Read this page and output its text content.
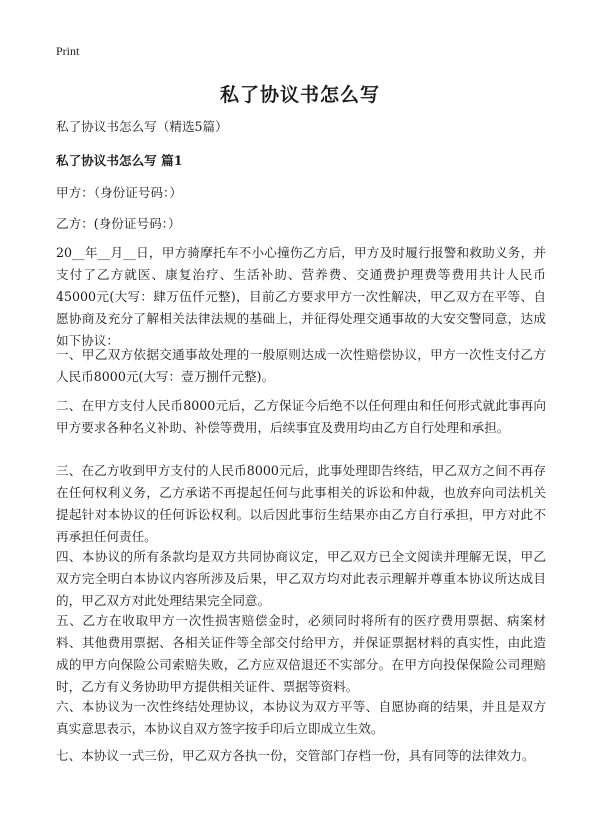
Print
私了协议书怎么写
私了协议书怎么写（精选5篇）
私了协议书怎么写 篇1
甲方：（身份证号码：）
乙方：(身份证号码：）
20__年__月__日，甲方骑摩托车不小心撞伤乙方后，甲方及时履行报警和救助义务，并支付了乙方就医、康复治疗、生活补助、营养费、交通费护理费等费用共计人民币45000元(大写：肆万伍仟元整)，目前乙方要求甲方一次性解决，甲乙双方在平等、自愿协商及充分了解相关法律法规的基础上，并征得处理交通事故的大安交警同意，达成如下协议：
一、甲乙双方依据交通事故处理的一般原则达成一次性赔偿协议，甲方一次性支付乙方人民币8000元(大写：壹万捌仟元整)。
二、在甲方支付人民币8000元后，乙方保证今后绝不以任何理由和任何形式就此事再向甲方要求各种名义补助、补偿等费用，后续事宜及费用均由乙方自行处理和承担。
三、在乙方收到甲方支付的人民币8000元后，此事处理即告终结，甲乙双方之间不再存在任何权利义务，乙方承诺不再提起任何与此事相关的诉讼和仲裁，也放弃向司法机关提起针对本协议的任何诉讼权利。以后因此事衍生结果亦由乙方自行承担，甲方对此不再承担任何责任。
四、本协议的所有条款均是双方共同协商议定，甲乙双方已全文阅读并理解无误，甲乙双方完全明白本协议内容所涉及后果，甲乙双方均对此表示理解并尊重本协议所达成目的，甲乙双方对此处理结果完全同意。
五、乙方在收取甲方一次性损害赔偿金时，必须同时将所有的医疗费用票据、病案材料、其他费用票据、各相关证件等全部交付给甲方，并保证票据材料的真实性，由此造成的甲方向保险公司索赔失败，乙方应双倍退还不实部分。在甲方向投保保险公司理赔时，乙方有义务协助甲方提供相关证件、票据等资料。
六、本协议为一次性终结处理协议，本协议为双方平等、自愿协商的结果，并且是双方真实意思表示，本协议自双方签字按手印后立即成立生效。
七、本协议一式三份，甲乙双方各执一份，交管部门存档一份，具有同等的法律效力。
